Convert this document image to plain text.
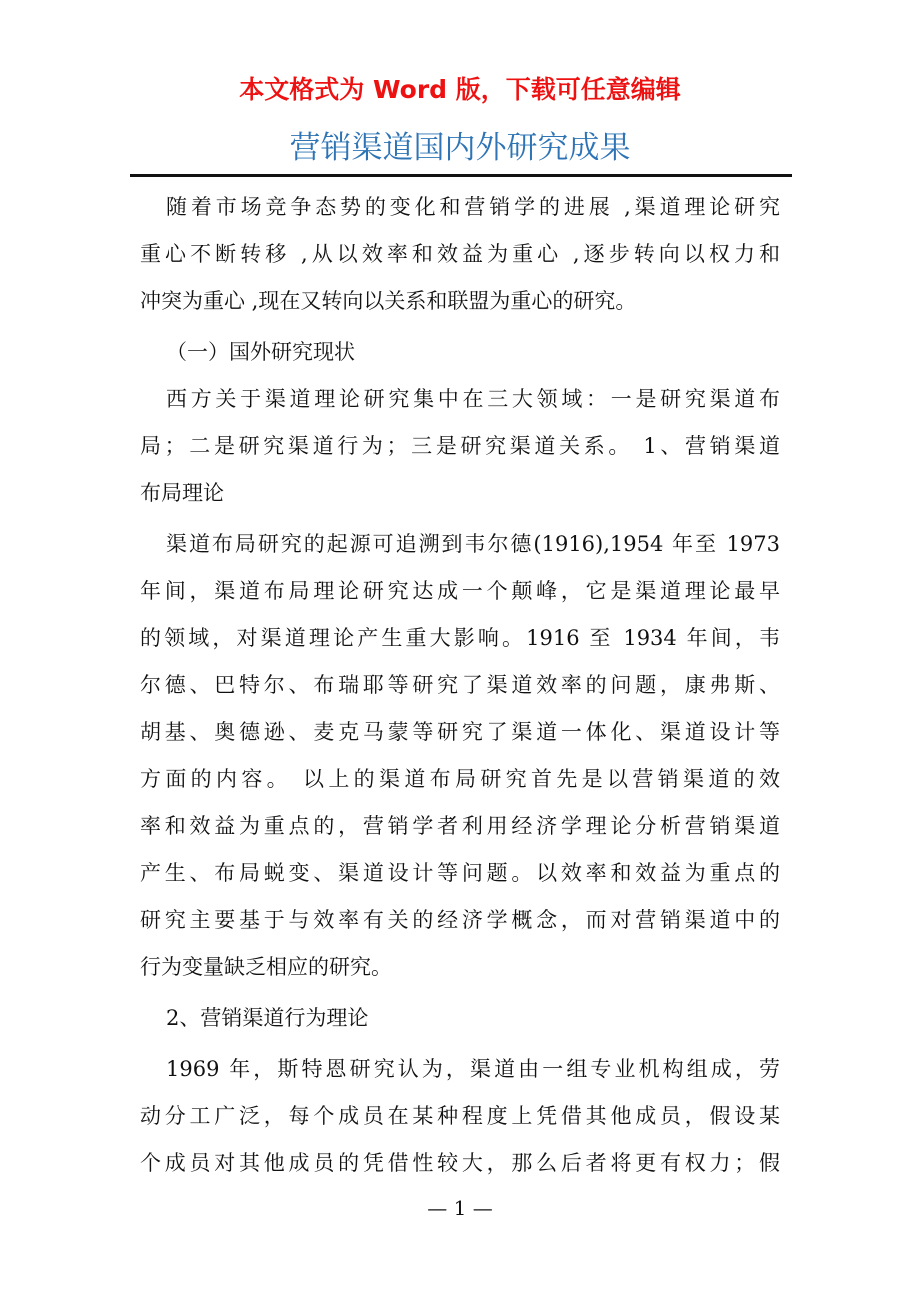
本文格式为 Word 版，下载可任意编辑
营销渠道国内外研究成果
随着市场竞争态势的变化和营销学的进展 ,渠道理论研究
重心不断转移 ,从以效率和效益为重心 ,逐步转向以权力和
冲突为重心 ,现在又转向以关系和联盟为重心的研究。
（一）国外研究现状
西方关于渠道理论研究集中在三大领域：一是研究渠道布
局；二是研究渠道行为；三是研究渠道关系。 1、营销渠道
布局理论
渠道布局研究的起源可追溯到韦尔德(1916),1954 年至 1973
年间，渠道布局理论研究达成一个颠峰，它是渠道理论最早
的领域，对渠道理论产生重大影响。1916 至 1934 年间，韦
尔德、巴特尔、布瑞耶等研究了渠道效率的问题，康弗斯、
胡基、奥德逊、麦克马蒙等研究了渠道一体化、渠道设计等
方面的内容。 以上的渠道布局研究首先是以营销渠道的效
率和效益为重点的，营销学者利用经济学理论分析营销渠道
产生、布局蜕变、渠道设计等问题。以效率和效益为重点的
研究主要基于与效率有关的经济学概念，而对营销渠道中的
行为变量缺乏相应的研究。
2、营销渠道行为理论
1969 年，斯特恩研究认为，渠道由一组专业机构组成，劳
动分工广泛，每个成员在某种程度上凭借其他成员，假设某
个成员对其他成员的凭借性较大，那么后者将更有权力；假
— 1 —
